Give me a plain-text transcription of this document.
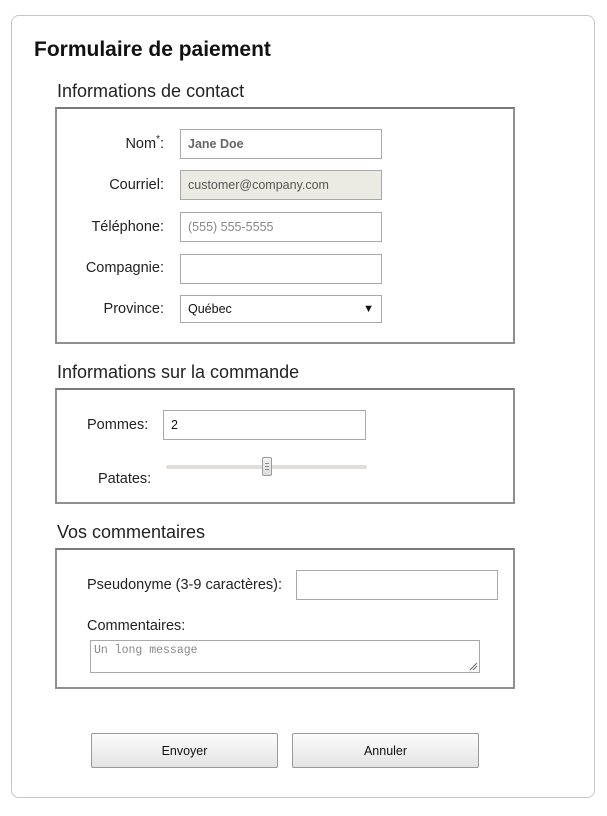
Formulaire de paiement
Informations de contact
Nom*:	Jane Doe
Courriel:	customer@company.com
Téléphone:	(555) 555-5555
Compagnie:
Province: Québec	▼
Informations sur la commande
Pommes:	2
Patates:
Vos commentaires
Pseudonyme (3-9 caractères):
Commentaires:
Un long message
Envoyer	Annuler
